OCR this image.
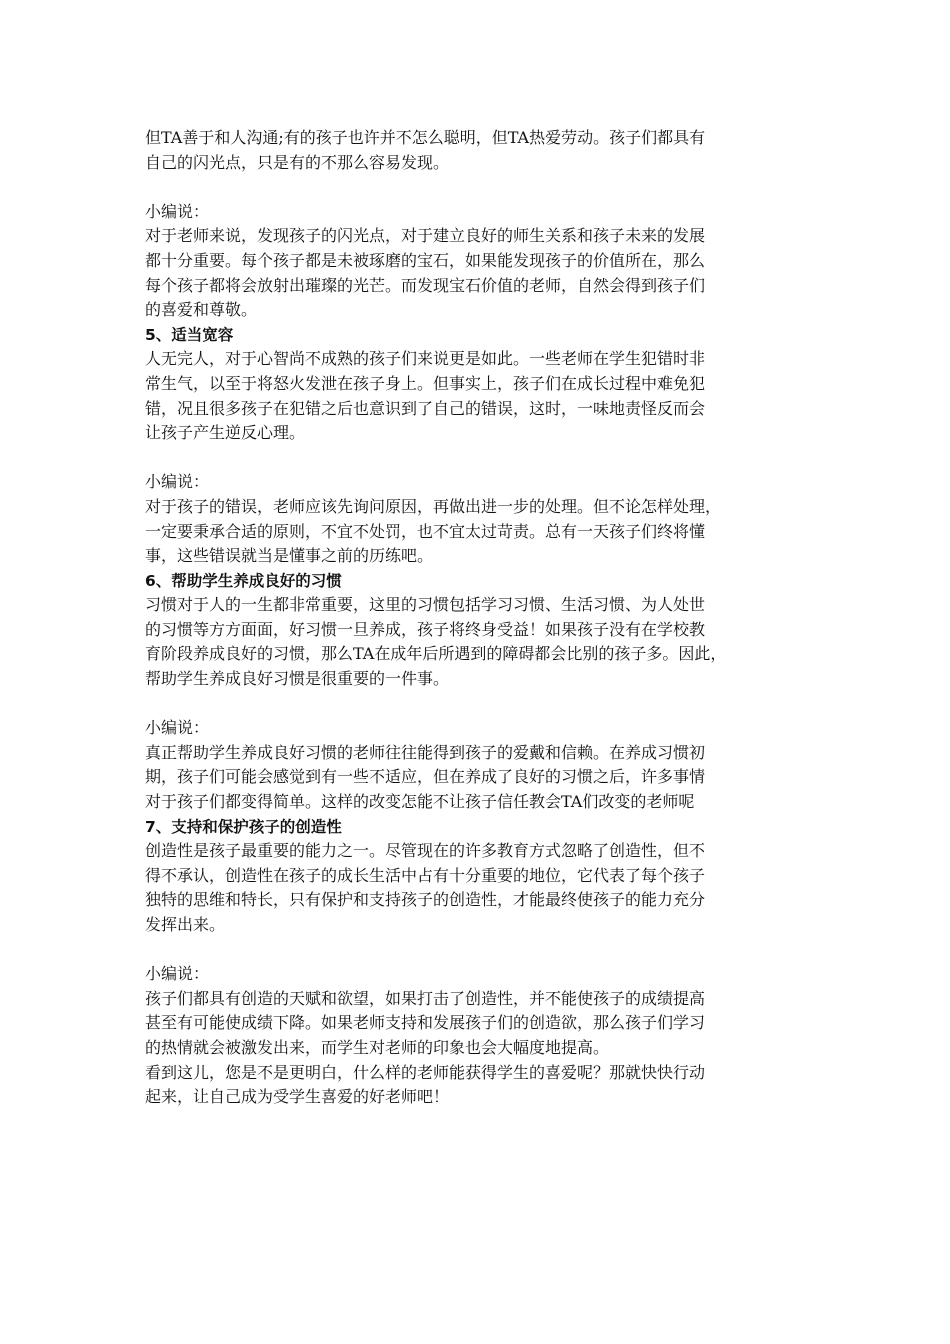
但TA善于和人沟通;有的孩子也许并不怎么聪明，但TA热爱劳动。孩子们都具有
自己的闪光点，只是有的不那么容易发现。
小编说：
对于老师来说，发现孩子的闪光点，对于建立良好的师生关系和孩子未来的发展
都十分重要。每个孩子都是未被琢磨的宝石，如果能发现孩子的价值所在，那么
每个孩子都将会放射出璀璨的光芒。而发现宝石价值的老师，自然会得到孩子们
的喜爱和尊敬。
5、适当宽容
人无完人，对于心智尚不成熟的孩子们来说更是如此。一些老师在学生犯错时非
常生气，以至于将怒火发泄在孩子身上。但事实上，孩子们在成长过程中难免犯
错，况且很多孩子在犯错之后也意识到了自己的错误，这时，一味地责怪反而会
让孩子产生逆反心理。
小编说：
对于孩子的错误，老师应该先询问原因，再做出进一步的处理。但不论怎样处理，
一定要秉承合适的原则，不宜不处罚，也不宜太过苛责。总有一天孩子们终将懂
事，这些错误就当是懂事之前的历练吧。
6、帮助学生养成良好的习惯
习惯对于人的一生都非常重要，这里的习惯包括学习习惯、生活习惯、为人处世
的习惯等方方面面，好习惯一旦养成，孩子将终身受益！如果孩子没有在学校教
育阶段养成良好的习惯，那么TA在成年后所遇到的障碍都会比别的孩子多。因此，
帮助学生养成良好习惯是很重要的一件事。
小编说：
真正帮助学生养成良好习惯的老师往往能得到孩子的爱戴和信赖。在养成习惯初
期，孩子们可能会感觉到有一些不适应，但在养成了良好的习惯之后，许多事情
对于孩子们都变得简单。这样的改变怎能不让孩子信任教会TA们改变的老师呢
7、支持和保护孩子的创造性
创造性是孩子最重要的能力之一。尽管现在的许多教育方式忽略了创造性，但不
得不承认，创造性在孩子的成长生活中占有十分重要的地位，它代表了每个孩子
独特的思维和特长，只有保护和支持孩子的创造性，才能最终使孩子的能力充分
发挥出来。
小编说：
孩子们都具有创造的天赋和欲望，如果打击了创造性，并不能使孩子的成绩提高
甚至有可能使成绩下降。如果老师支持和发展孩子们的创造欲，那么孩子们学习
的热情就会被激发出来，而学生对老师的印象也会大幅度地提高。
看到这儿，您是不是更明白，什么样的老师能获得学生的喜爱呢？那就快快行动
起来，让自己成为受学生喜爱的好老师吧！
